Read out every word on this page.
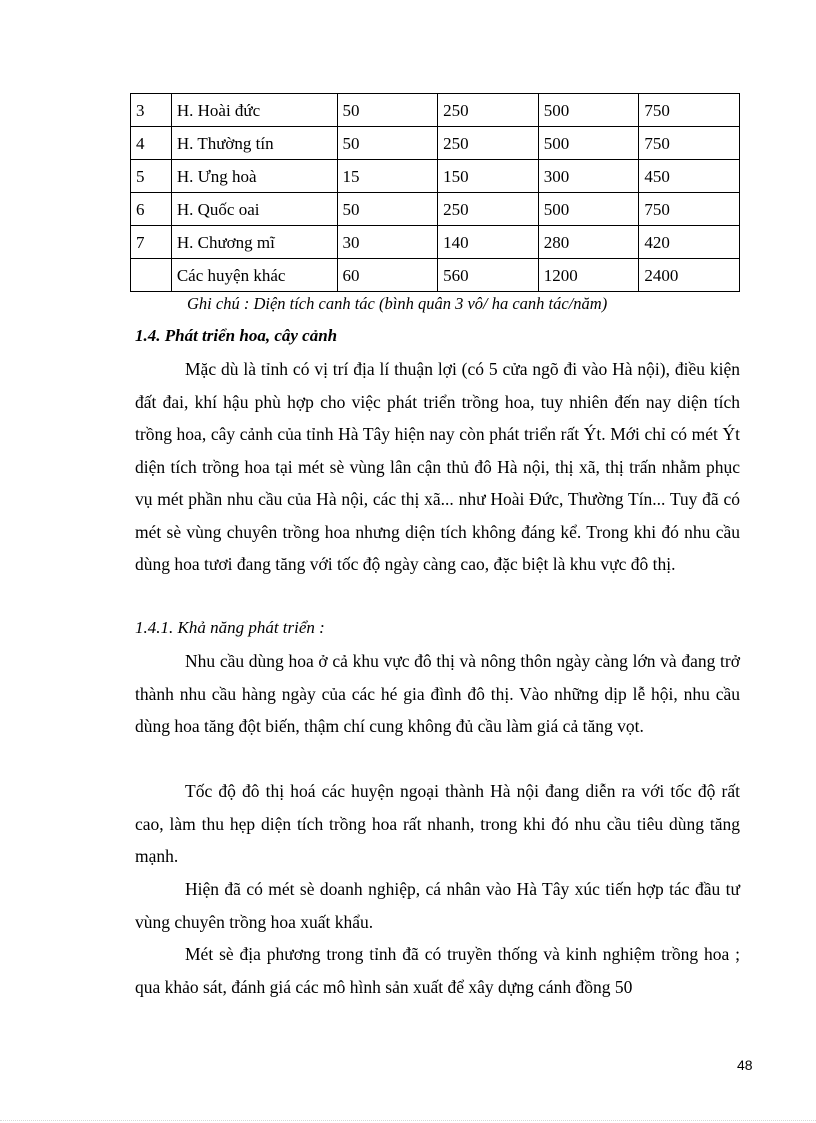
3	H. Hoài đức	50	250	500	750
4	H. Thường tín	50	250	500	750
5	H. Ưng hoà	15	150	300	450
6	H. Quốc oai	50	250	500	750
7	H. Chương mĩ	30	140	280	420
	Các huyện khác	60	560	1200	2400
Ghi chú : Diện tích canh tác (bình quân 3 vô/ ha canh tác/năm)
1.4. Phát triển hoa, cây cảnh

Mặc dù là tỉnh có vị trí địa lí thuận lợi (có 5 cửa ngõ đi vào Hà nội), điều kiện đất đai, khí hậu phù hợp cho việc phát triển trồng hoa, tuy nhiên đến nay diện tích trồng hoa, cây cảnh của tỉnh Hà Tây hiện nay còn phát triển rất Ýt. Mới chỉ có mét Ýt diện tích trồng hoa tại mét sè vùng lân cận thủ đô Hà nội, thị xã, thị trấn nhằm phục vụ mét phần nhu cầu của Hà nội, các thị xã... như Hoài Đức, Thường Tín... Tuy đã có mét sè vùng chuyên trồng hoa nhưng diện tích không đáng kể. Trong khi đó nhu cầu dùng hoa tươi đang tăng với tốc độ ngày càng cao, đặc biệt là khu vực đô thị.

1.4.1. Khả năng phát triển :

Nhu cầu dùng hoa ở cả khu vực đô thị và nông thôn ngày càng lớn và đang trở thành nhu cầu hàng ngày của các hé gia đình đô thị. Vào những dịp lễ hội, nhu cầu dùng hoa tăng đột biến, thậm chí cung không đủ cầu làm giá cả tăng vọt.

Tốc độ đô thị hoá các huyện ngoại thành Hà nội đang diễn ra với tốc độ rất cao, làm thu hẹp diện tích trồng hoa rất nhanh, trong khi đó nhu cầu tiêu dùng tăng mạnh.

Hiện đã có mét sè doanh nghiệp, cá nhân vào Hà Tây xúc tiến hợp tác đầu tư vùng chuyên trồng hoa xuất khẩu.

Mét sè địa phương trong tỉnh đã có truyền thống và kinh nghiệm trồng hoa ; qua khảo sát, đánh giá các mô hình sản xuất để xây dựng cánh đồng 50

48
